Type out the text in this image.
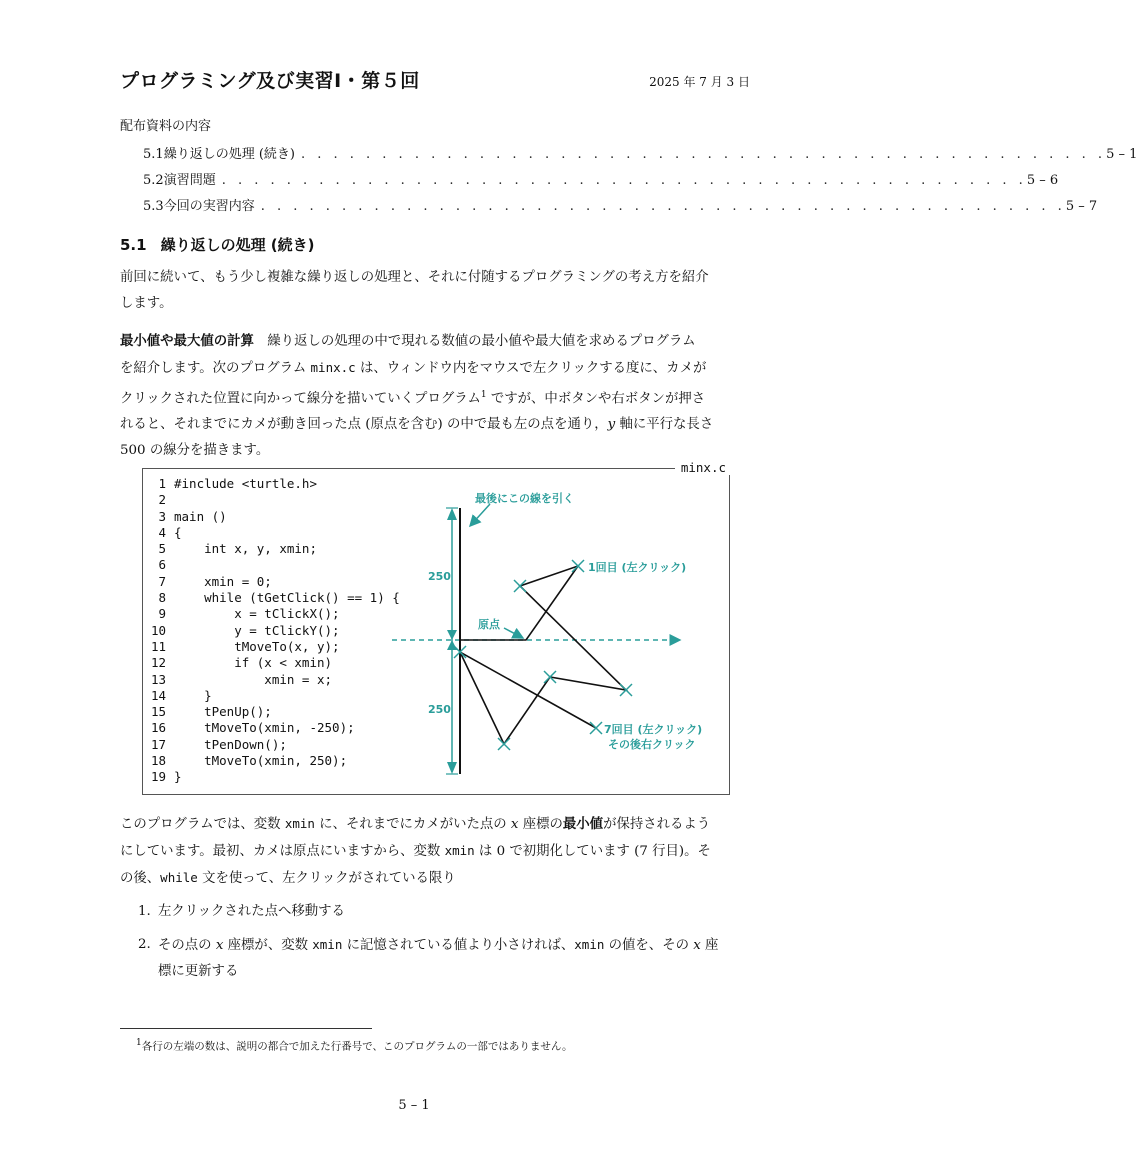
プログラミング及び実習Ⅰ・第５回	2025 年 7 月 3 日
配布資料の内容
5.1 繰り返しの処理 (続き) . . . . . . . . . . . . . . . . . . . . . . . . . . . . . . . . . . . . . . . . . . . . . . . . . . 5 – 1
5.2 演習問題 . . . . . . . . . . . . . . . . . . . . . . . . . . . . . . . . . . . . . . . . . . . . . . . . . . 5 – 6
5.3 今回の実習内容 . . . . . . . . . . . . . . . . . . . . . . . . . . . . . . . . . . . . . . . . . . . . . . . . . . 5 – 7
5.1 繰り返しの処理 (続き)
前回に続いて、もう少し複雑な繰り返しの処理と、それに付随するプログラミングの考え方を紹介
します。
最小値や最大値の計算　繰り返しの処理の中で現れる数値の最小値や最大値を求めるプログラム
を紹介します。次のプログラム minx.c は、ウィンドウ内をマウスで左クリックする度に、カメが
クリックされた位置に向かって線分を描いていくプログラム$^1$ ですが、中ボタンや右ボタンが押さ
れると、それまでにカメが動き回った点 (原点を含む) の中で最も左の点を通り，y 軸に平行な長さ
500 の線分を描きます。
minx.c
1 #include <turtle.h>
2
3 main ()
4 {
5    int x, y, xmin;
6
7    xmin = 0;
8    while (tGetClick() == 1) {
9        x = tClickX();
10        y = tClickY();
11        tMoveTo(x, y);
12        if (x < xmin)
13            xmin = x;
14    }
15    tPenUp();
16    tMoveTo(xmin, -250);
17    tPenDown();
18    tMoveTo(xmin, 250);
19 }
最後にこの線を引く
250
250
原点
1回目 (左クリック)
7回目 (左クリック)
その後右クリック
このプログラムでは、変数 xmin に、それまでにカメがいた点の x 座標の最小値が保持されるよう
にしています。最初、カメは原点にいますから、変数 xmin は 0 で初期化しています (7 行目)。そ
の後、while 文を使って、左クリックがされている限り
1. 左クリックされた点へ移動する
2. その点の x 座標が、変数 xmin に記憶されている値より小さければ、xmin の値を、その x 座
標に更新する
$^1$各行の左端の数は、説明の都合で加えた行番号で、このプログラムの一部ではありません。
5 – 1
